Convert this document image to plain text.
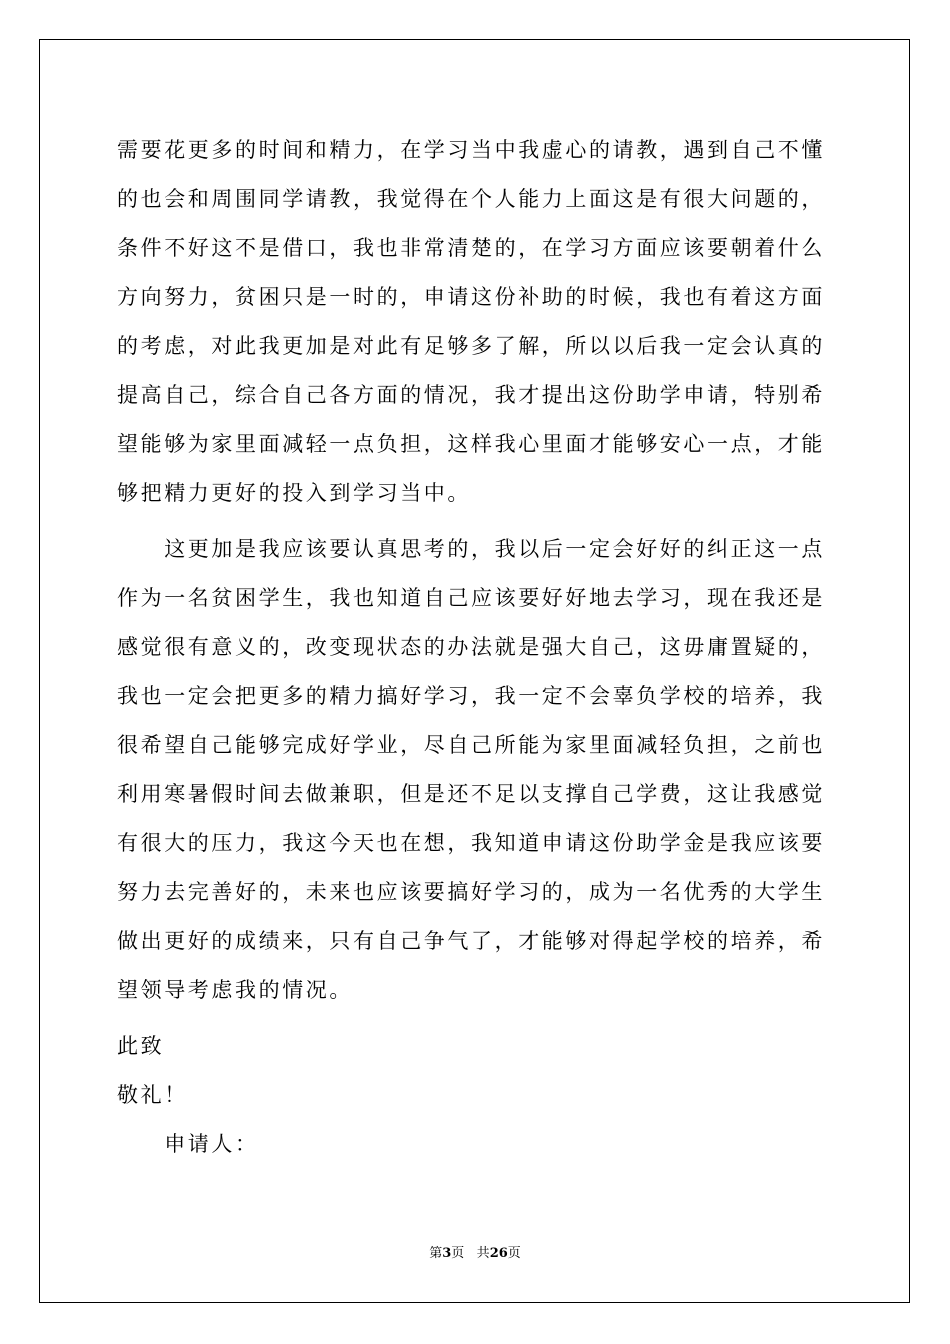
需要花更多的时间和精力，在学习当中我虚心的请教，遇到自己不懂
的也会和周围同学请教，我觉得在个人能力上面这是有很大问题的，
条件不好这不是借口，我也非常清楚的，在学习方面应该要朝着什么
方向努力，贫困只是一时的，申请这份补助的时候，我也有着这方面
的考虑，对此我更加是对此有足够多了解，所以以后我一定会认真的
提高自己，综合自己各方面的情况，我才提出这份助学申请，特别希
望能够为家里面减轻一点负担，这样我心里面才能够安心一点，才能
够把精力更好的投入到学习当中。
　　这更加是我应该要认真思考的，我以后一定会好好的纠正这一点
作为一名贫困学生，我也知道自己应该要好好地去学习，现在我还是
感觉很有意义的，改变现状态的办法就是强大自己，这毋庸置疑的，
我也一定会把更多的精力搞好学习，我一定不会辜负学校的培养，我
很希望自己能够完成好学业，尽自己所能为家里面减轻负担，之前也
利用寒暑假时间去做兼职，但是还不足以支撑自己学费，这让我感觉
有很大的压力，我这今天也在想，我知道申请这份助学金是我应该要
努力去完善好的，未来也应该要搞好学习的，成为一名优秀的大学生
做出更好的成绩来，只有自己争气了，才能够对得起学校的培养，希
望领导考虑我的情况。
此致
敬礼！
　　申请人：
第3页 共26页
